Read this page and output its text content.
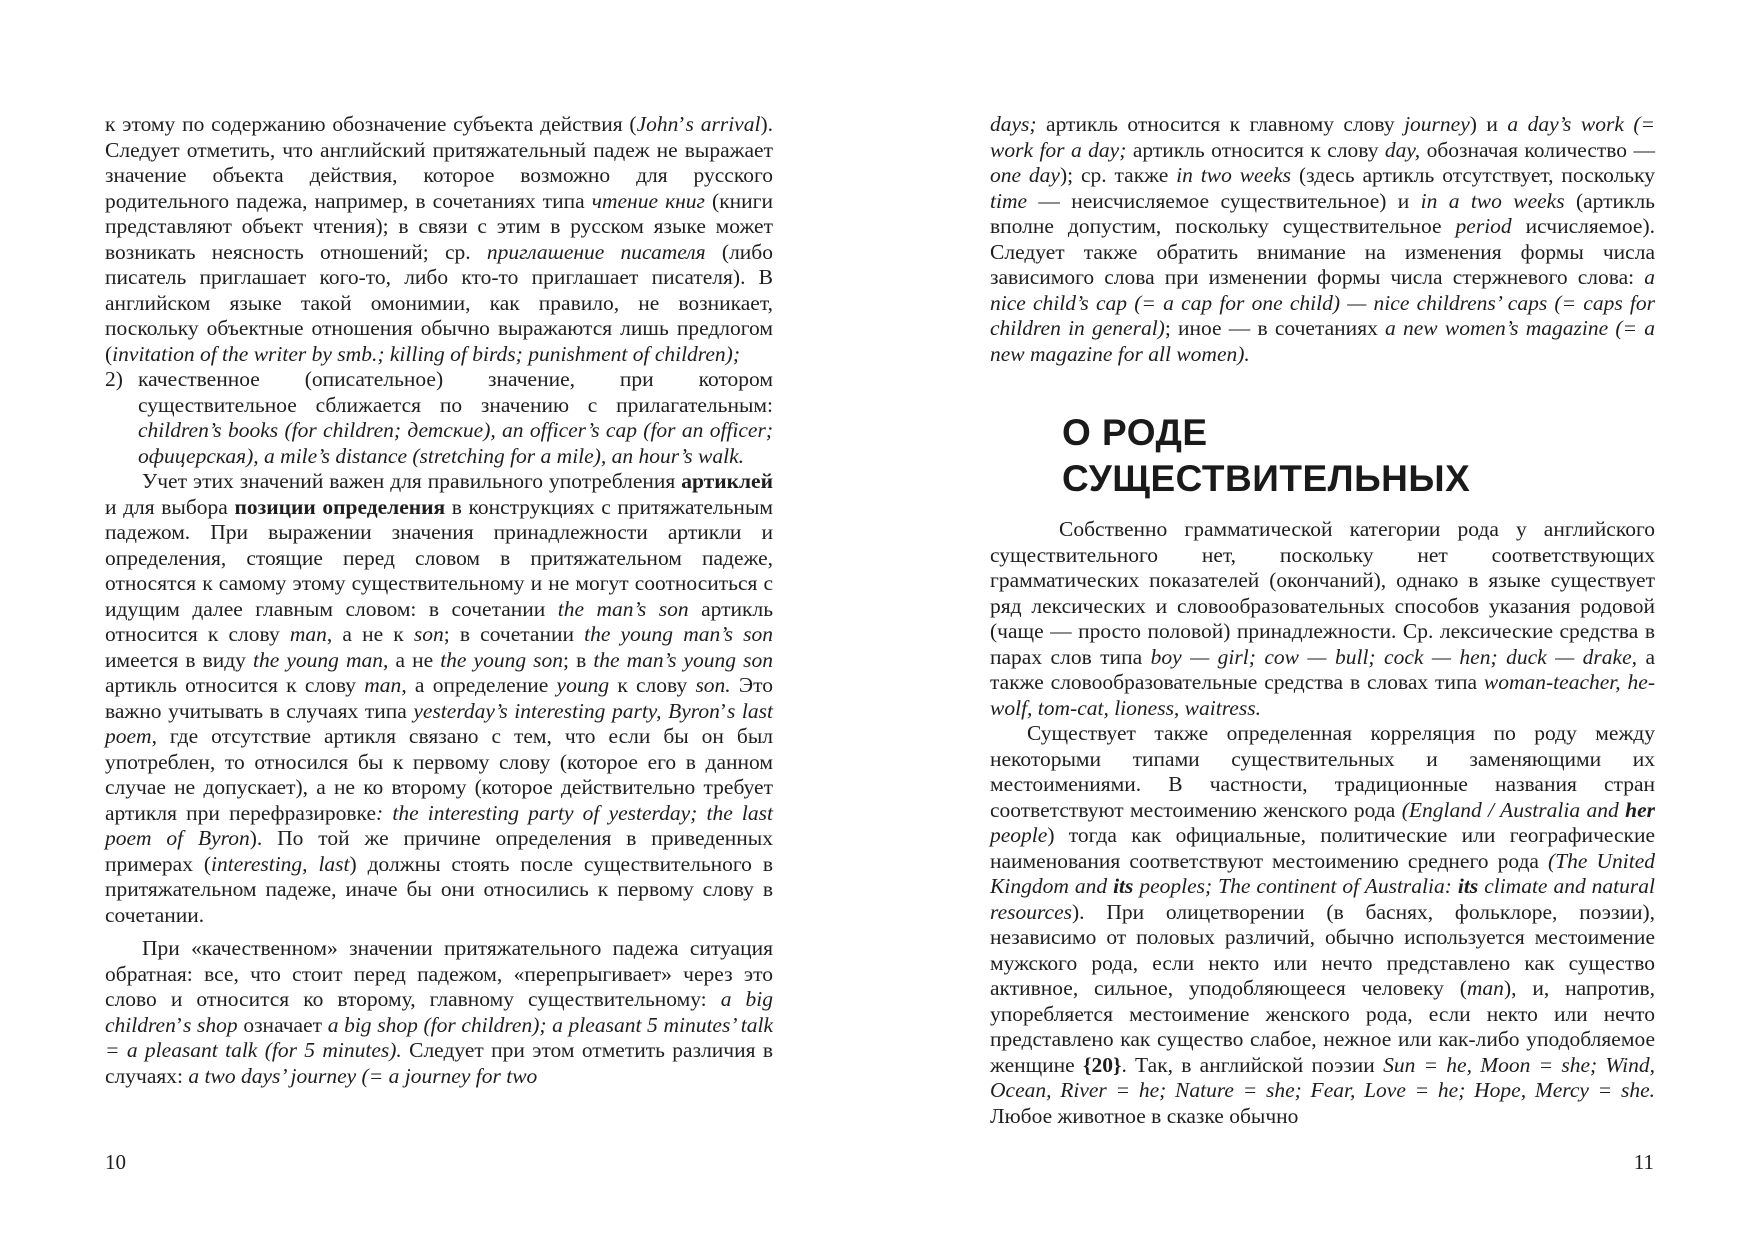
к этому по содержанию обозначение субъекта действия (John’s arrival). Следует отметить, что английский притяжательный падеж не выражает значение объекта действия, которое возможно для русского родительного падежа, например, в сочетаниях типа чтение книг (книги представляют объект чтения); в связи с этим в русском языке может возникать неясность отношений; ср. приглашение писателя (либо писатель приглашает кого-то, либо кто-то приглашает писателя). В английском языке такой омонимии, как правило, не возникает, поскольку объектные отношения обычно выражаются лишь предлогом (invitation of the writer by smb.; killing of birds; punishment of children);

2) качественное (описательное) значение, при котором существительное сближается по значению с прилагательным: children’s books (for children; детские), an officer’s cap (for an officer; офицерская), a mile’s distance (stretching for a mile), an hour’s walk.

Учет этих значений важен для правильного употребления артиклей и для выбора позиции определения в конструкциях с притяжательным падежом. При выражении значения принадлежности артикли и определения, стоящие перед словом в притяжательном падеже, относятся к самому этому существительному и не могут соотноситься с идущим далее главным словом: в сочетании the man’s son артикль относится к слову man, а не к son; в сочетании the young man’s son имеется в виду the young man, а не the young son; в the man’s young son артикль относится к слову man, а определение young к слову son. Это важно учитывать в случаях типа yesterday’s interesting party, Byron’s last poem, где отсутствие артикля связано с тем, что если бы он был употреблен, то относился бы к первому слову (которое его в данном случае не допускает), а не ко второму (которое действительно требует артикля при перефразировке: the interesting party of yesterday; the last poem of Byron). По той же причине определения в приведенных примерах (interesting, last) должны стоять после существительного в притяжательном падеже, иначе бы они относились к первому слову в сочетании.

При «качественном» значении притяжательного падежа ситуация обратная: все, что стоит перед падежом, «перепрыгивает» через это слово и относится ко второму, главному существительному: a big children’s shop означает a big shop (for children); a pleasant 5 minutes’ talk = a pleasant talk (for 5 minutes). Следует при этом отметить различия в случаях: a two days’ journey (= a journey for two

10

days; артикль относится к главному слову journey) и a day’s work (= work for a day; артикль относится к слову day, обозначая количество — one day); ср. также in two weeks (здесь артикль отсутствует, поскольку time — неисчисляемое существительное) и in a two weeks (артикль вполне допустим, поскольку существительное period исчисляемое). Следует также обратить внимание на изменения формы числа зависимого слова при изменении формы числа стержневого слова: a nice child’s cap (= a cap for one child) — nice childrens’ caps (= caps for children in general); иное — в сочетаниях a new women’s magazine (= a new magazine for all women).

О РОДЕ
СУЩЕСТВИТЕЛЬНЫХ

Собственно грамматической категории рода у английского существительного нет, поскольку нет соответствующих грамматических показателей (окончаний), однако в языке существует ряд лексических и словообразовательных способов указания родовой (чаще — просто половой) принадлежности. Ср. лексические средства в парах слов типа boy — girl; cow — bull; cock — hen; duck — drake, а также словообразовательные средства в словах типа woman-teacher, he-wolf, tom-cat, lioness, waitress.

Существует также определенная корреляция по роду между некоторыми типами существительных и заменяющими их местоимениями. В частности, традиционные названия стран соответствуют местоимению женского рода (England / Australia and her people) тогда как официальные, политические или географические наименования соответствуют местоимению среднего рода (The United Kingdom and its peoples; The continent of Australia: its climate and natural resources). При олицетворении (в баснях, фольклоре, поэзии), независимо от половых различий, обычно используется местоимение мужского рода, если некто или нечто представлено как существо активное, сильное, уподобляющееся человеку (man), и, напротив, упоребляется местоимение женского рода, если некто или нечто представлено как существо слабое, нежное или как-либо уподобляемое женщине {20}. Так, в английской поэзии Sun = he, Moon = she; Wind, Ocean, River = he; Nature = she; Fear, Love = he; Hope, Mercy = she. Любое животное в сказке обычно

11
